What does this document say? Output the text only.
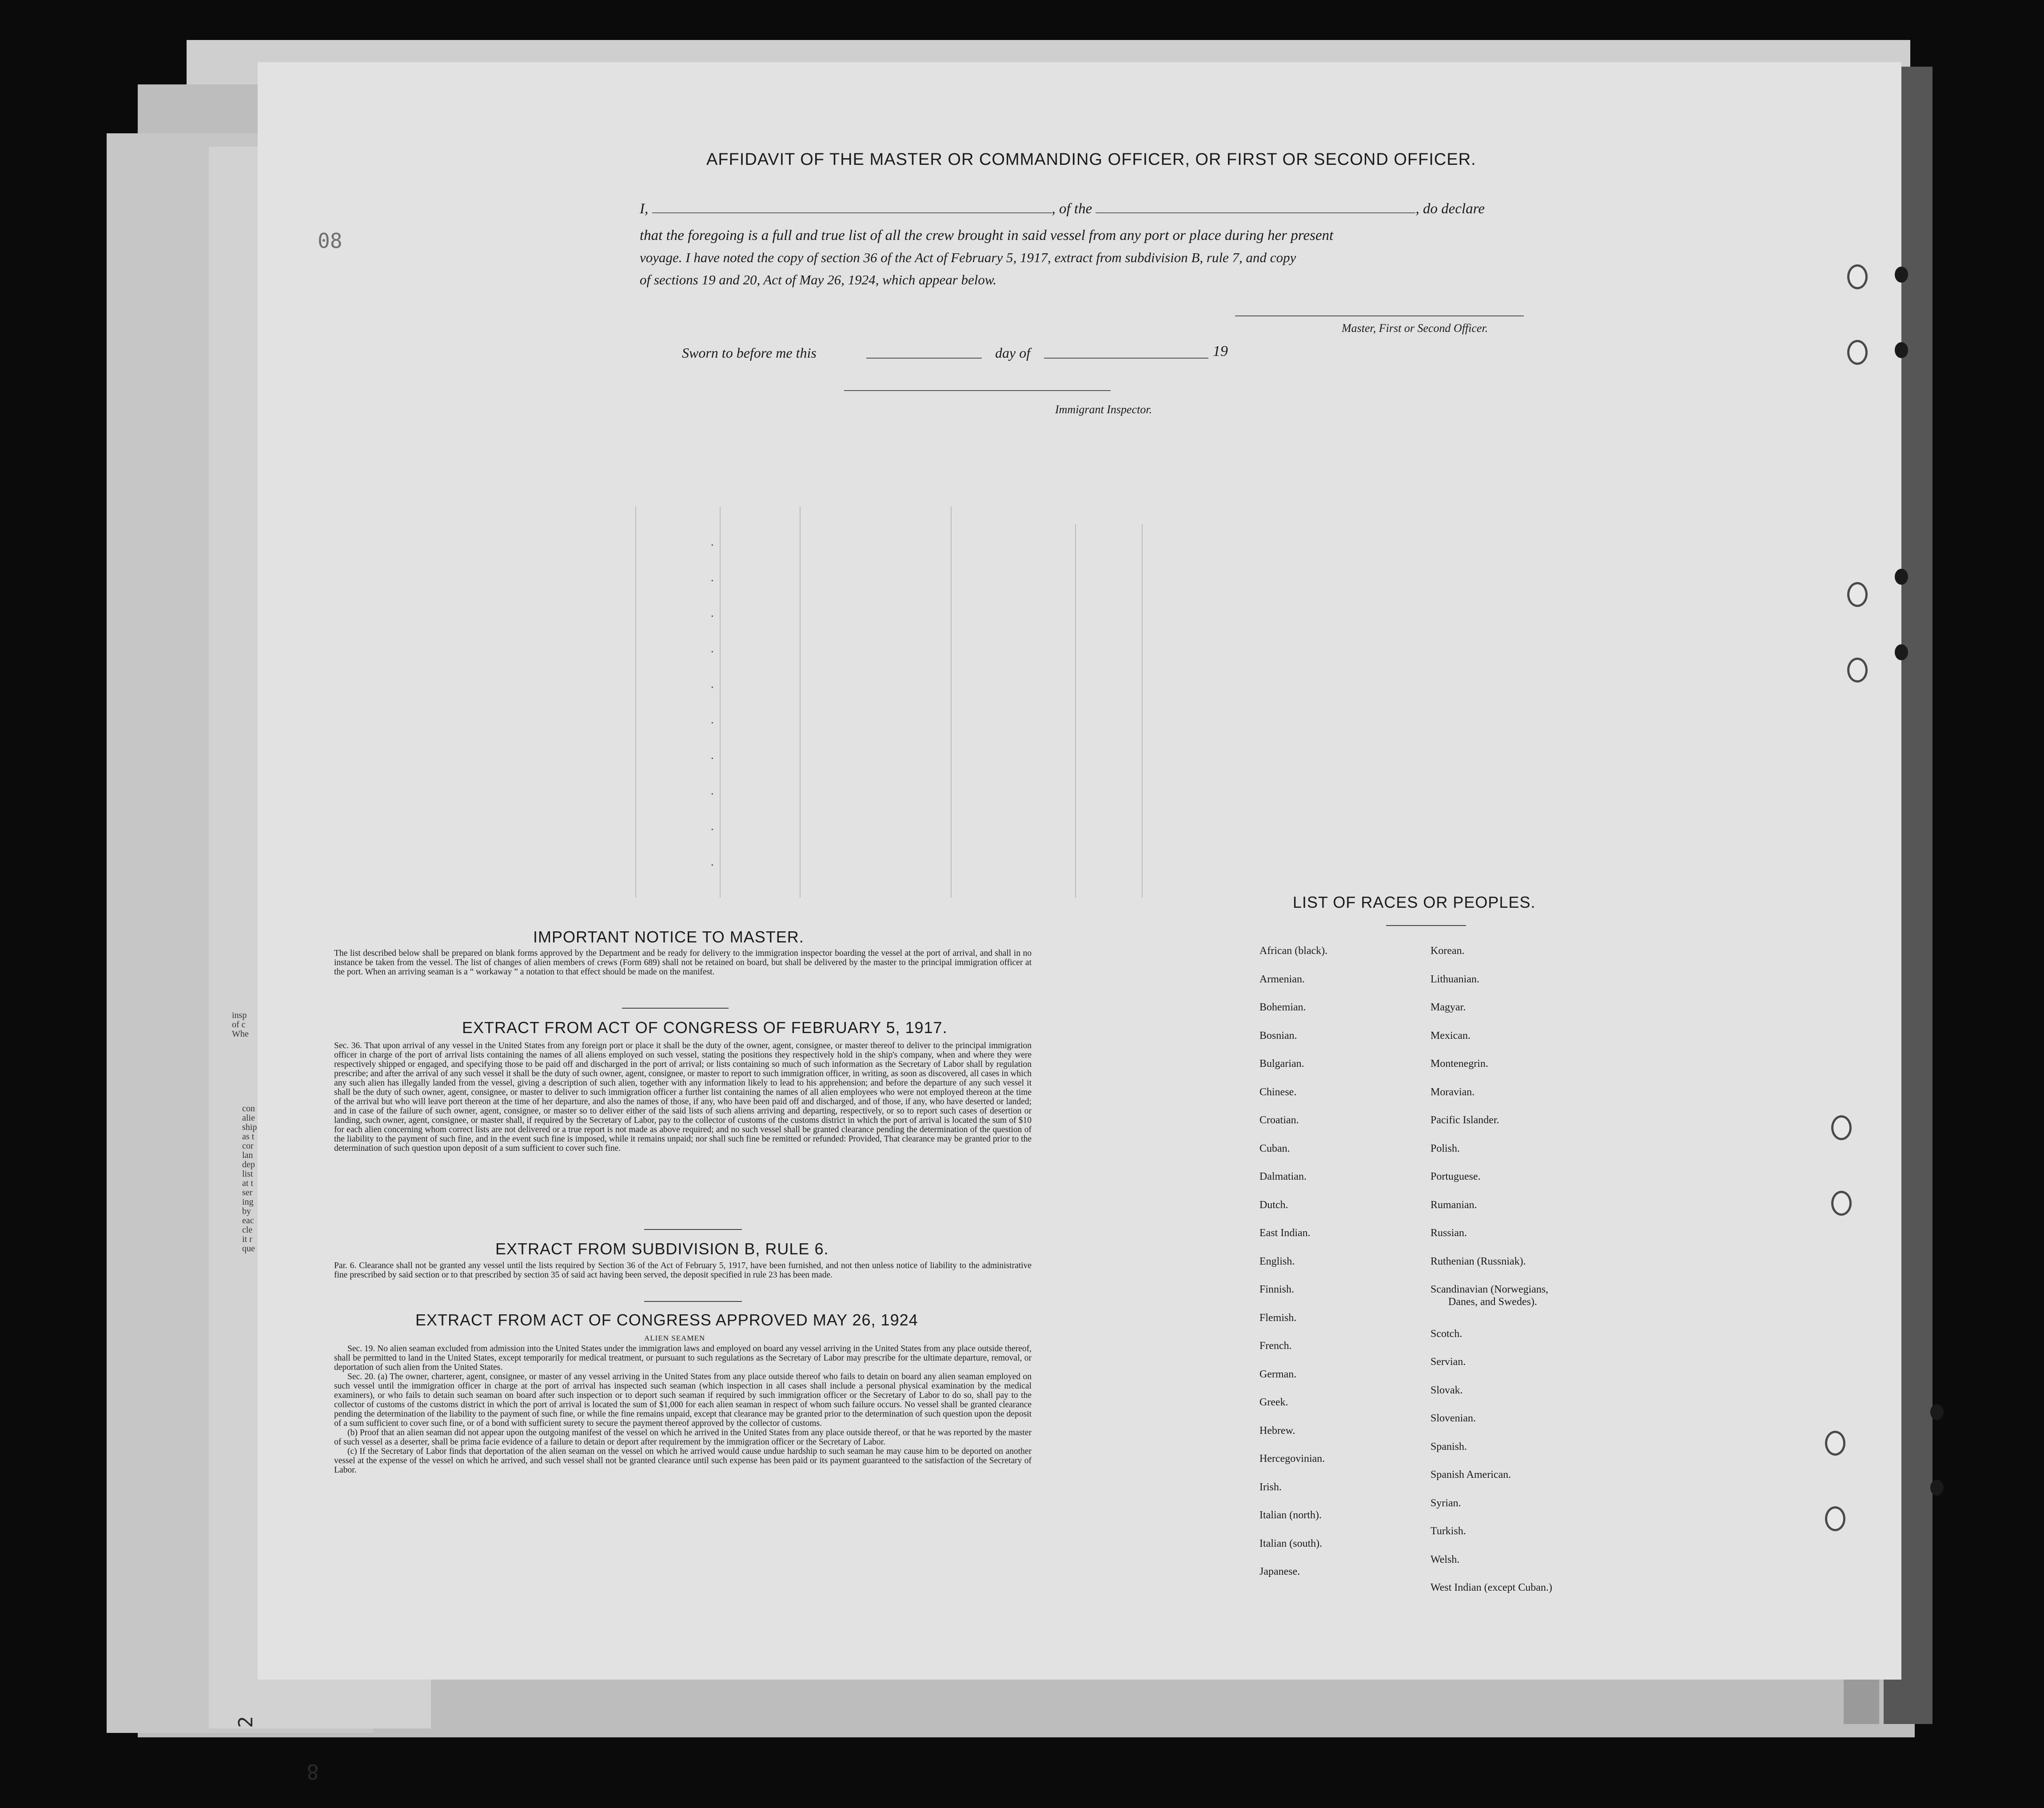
insp
of c
Whe
con
alie
ship
as t
cor
lan
dep
list
at t
ser
ing
by
eac
cle
it r
que
. . . . . . . . . .
08
2
8
AFFIDAVIT OF THE MASTER OR COMMANDING OFFICER, OR FIRST OR SECOND OFFICER.
I,	, of the	, do declare
that the foregoing is a full and true list of all the crew brought in said vessel from any port or place during her present
voyage. I have noted the copy of section 36 of the Act of February 5, 1917, extract from subdivision B, rule 7, and copy
of sections 19 and 20, Act of May 26, 1924, which appear below.
Master, First or Second Officer.
Sworn to before me this	day of	19
Immigrant Inspector.
IMPORTANT NOTICE TO MASTER.
The list described below shall be prepared on blank forms approved by the Department and be ready for delivery to the immigration inspector boarding the vessel at the port of arrival, and shall in no instance be taken from the vessel. The list of changes of alien members of crews (Form 689) shall not be retained on board, but shall be delivered by the master to the principal immigration officer at the port. When an arriving seaman is a “ workaway ” a notation to that effect should be made on the manifest.
EXTRACT FROM ACT OF CONGRESS OF FEBRUARY 5, 1917.
Sec. 36. That upon arrival of any vessel in the United States from any foreign port or place it shall be the duty of the owner, agent, consignee, or master thereof to deliver to the principal immigration officer in charge of the port of arrival lists containing the names of all aliens employed on such vessel, stating the positions they respectively hold in the ship's company, when and where they were respectively shipped or engaged, and specifying those to be paid off and discharged in the port of arrival; or lists containing so much of such information as the Secretary of Labor shall by regulation prescribe; and after the arrival of any such vessel it shall be the duty of such owner, agent, consignee, or master to report to such immigration officer, in writing, as soon as discovered, all cases in which any such alien has illegally landed from the vessel, giving a description of such alien, together with any information likely to lead to his apprehension; and before the departure of any such vessel it shall be the duty of such owner, agent, consignee, or master to deliver to such immigration officer a further list containing the names of all alien employees who were not employed thereon at the time of the arrival but who will leave port thereon at the time of her departure, and also the names of those, if any, who have been paid off and discharged, and of those, if any, who have deserted or landed; and in case of the failure of such owner, agent, consignee, or master so to deliver either of the said lists of such aliens arriving and departing, respectively, or so to report such cases of desertion or landing, such owner, agent, consignee, or master shall, if required by the Secretary of Labor, pay to the collector of customs of the customs district in which the port of arrival is located the sum of $10 for each alien concerning whom correct lists are not delivered or a true report is not made as above required; and no such vessel shall be granted clearance pending the determination of the question of the liability to the payment of such fine, and in the event such fine is imposed, while it remains unpaid; nor shall such fine be remitted or refunded: Provided, That clearance may be granted prior to the determination of such question upon deposit of a sum sufficient to cover such fine.
EXTRACT FROM SUBDIVISION B, RULE 6.
Par. 6. Clearance shall not be granted any vessel until the lists required by Section 36 of the Act of February 5, 1917, have been furnished, and not then unless notice of liability to the administrative fine prescribed by said section or to that prescribed by section 35 of said act having been served, the deposit specified in rule 23 has been made.
EXTRACT FROM ACT OF CONGRESS APPROVED MAY 26, 1924
ALIEN SEAMEN
Sec. 19. No alien seaman excluded from admission into the United States under the immigration laws and employed on board any vessel arriving in the United States from any place outside thereof, shall be permitted to land in the United States, except temporarily for medical treatment, or pursuant to such regulations as the Secretary of Labor may prescribe for the ultimate departure, removal, or deportation of such alien from the United States.
Sec. 20. (a) The owner, charterer, agent, consignee, or master of any vessel arriving in the United States from any place outside thereof who fails to detain on board any alien seaman employed on such vessel until the immigration officer in charge at the port of arrival has inspected such seaman (which inspection in all cases shall include a personal physical examination by the medical examiners), or who fails to detain such seaman on board after such inspection or to deport such seaman if required by such immigration officer or the Secretary of Labor to do so, shall pay to the collector of customs of the customs district in which the port of arrival is located the sum of $1,000 for each alien seaman in respect of whom such failure occurs. No vessel shall be granted clearance pending the determination of the liability to the payment of such fine, or while the fine remains unpaid, except that clearance may be granted prior to the determination of such question upon the deposit of a sum sufficient to cover such fine, or of a bond with sufficient surety to secure the payment thereof approved by the collector of customs.
(b) Proof that an alien seaman did not appear upon the outgoing manifest of the vessel on which he arrived in the United States from any place outside thereof, or that he was reported by the master of such vessel as a deserter, shall be prima facie evidence of a failure to detain or deport after requirement by the immigration officer or the Secretary of Labor.
(c) If the Secretary of Labor finds that deportation of the alien seaman on the vessel on which he arrived would cause undue hardship to such seaman he may cause him to be deported on another vessel at the expense of the vessel on which he arrived, and such vessel shall not be granted clearance until such expense has been paid or its payment guaranteed to the satisfaction of the Secretary of Labor.
LIST OF RACES OR PEOPLES.
African (black).
Armenian.
Bohemian.
Bosnian.
Bulgarian.
Chinese.
Croatian.
Cuban.
Dalmatian.
Dutch.
East Indian.
English.
Finnish.
Flemish.
French.
German.
Greek.
Hebrew.
Hercegovinian.
Irish.
Italian (north).
Italian (south).
Japanese.
Korean.
Lithuanian.
Magyar.
Mexican.
Montenegrin.
Moravian.
Pacific Islander.
Polish.
Portuguese.
Rumanian.
Russian.
Ruthenian (Russniak).
Scandinavian (Norwegians,
Danes, and Swedes).
Scotch.
Servian.
Slovak.
Slovenian.
Spanish.
Spanish American.
Syrian.
Turkish.
Welsh.
West Indian (except Cuban.)
